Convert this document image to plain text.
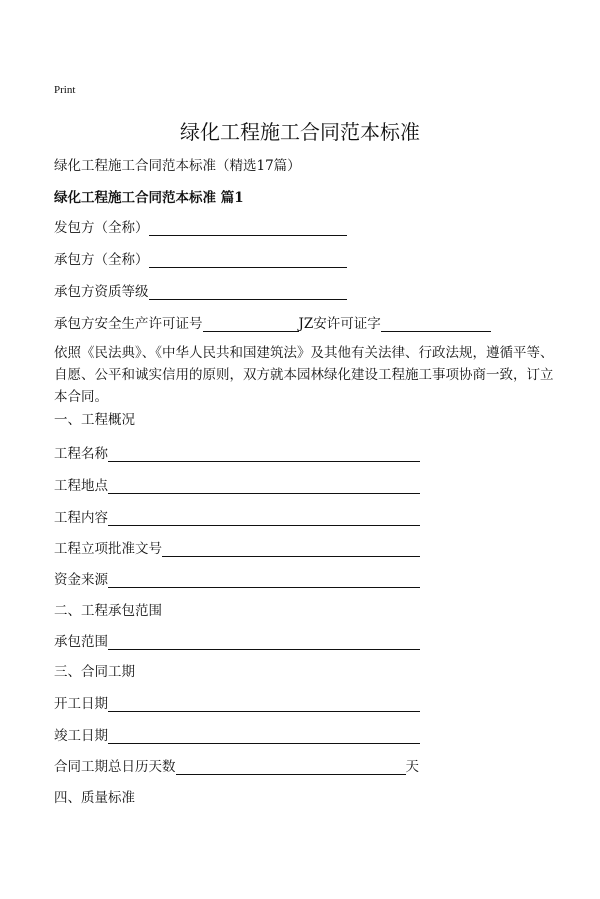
Print
绿化工程施工合同范本标准
绿化工程施工合同范本标准（精选17篇）
绿化工程施工合同范本标准 篇1
发包方（全称）
承包方（全称）
承包方资质等级
承包方安全生产许可证号	JZ安许可证字
依照《民法典》、《中华人民共和国建筑法》及其他有关法律、行政法规，遵循平等、自愿、公平和诚实信用的原则，双方就本园林绿化建设工程施工事项协商一致，订立本合同。
一、工程概况
工程名称
工程地点
工程内容
工程立项批准文号
资金来源
二、工程承包范围
承包范围
三、合同工期
开工日期
竣工日期
合同工期总日历天数	天
四、质量标准
